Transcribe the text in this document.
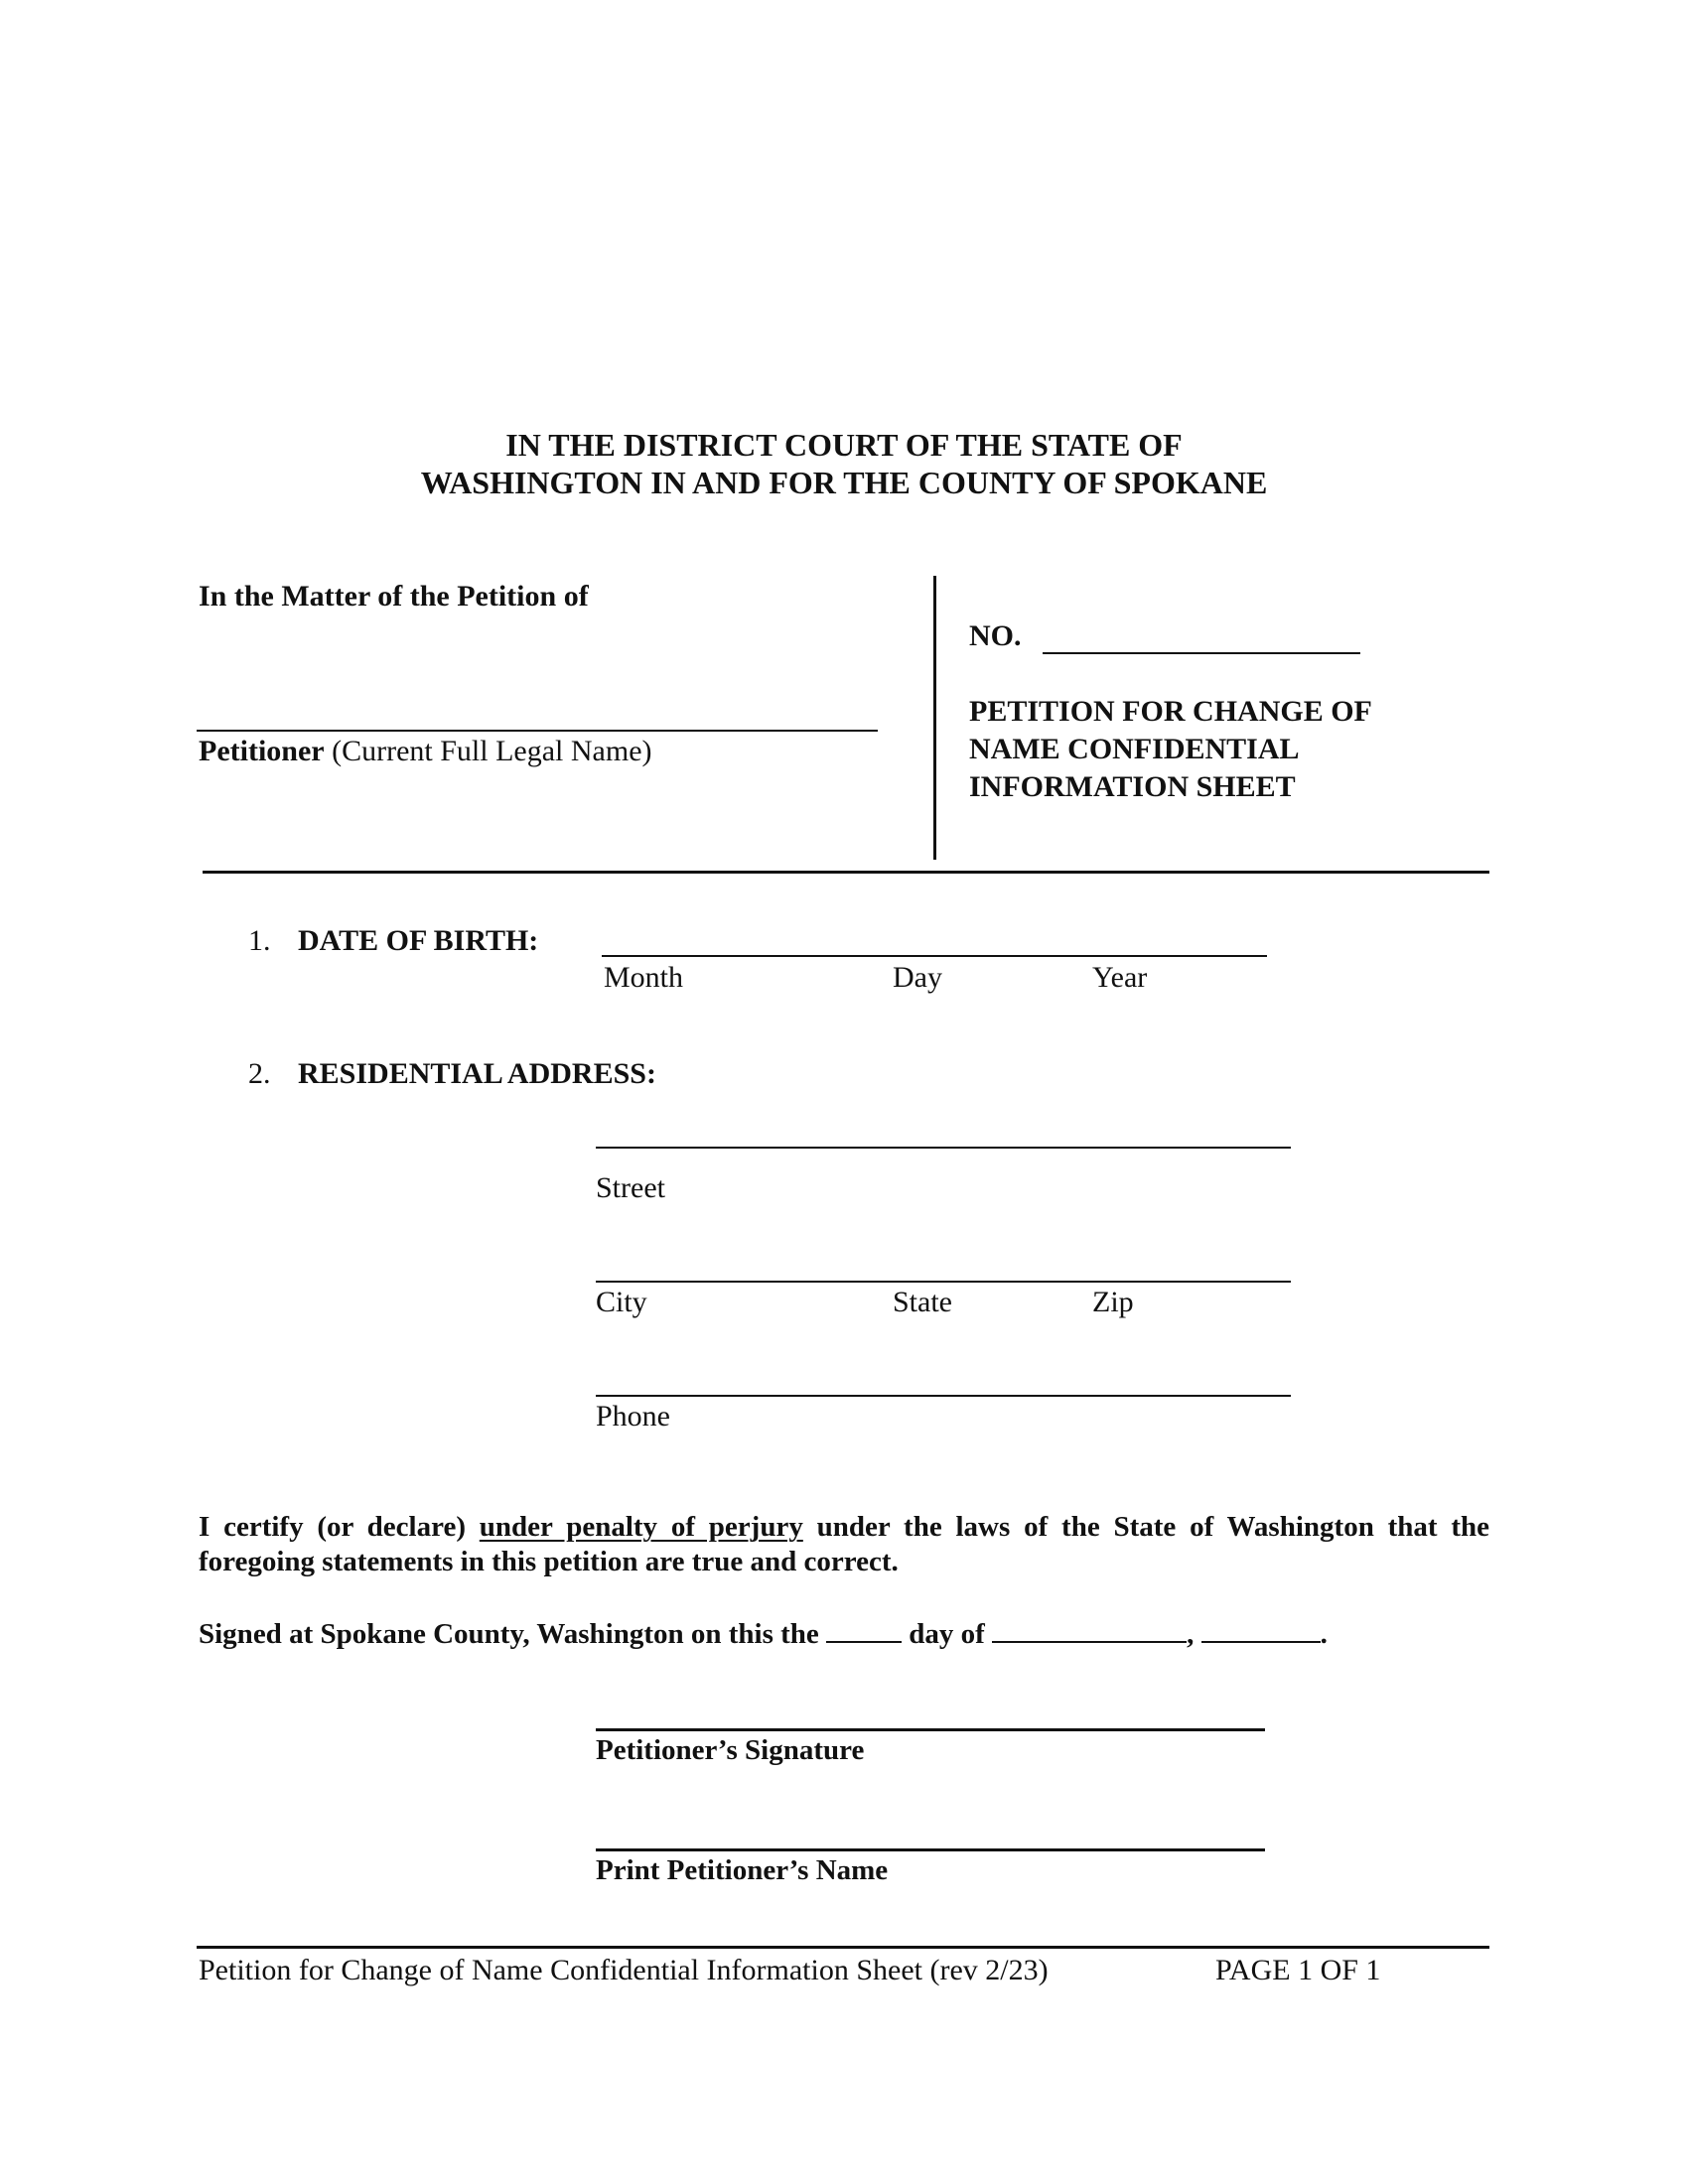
IN THE DISTRICT COURT OF THE STATE OF
WASHINGTON IN AND FOR THE COUNTY OF SPOKANE
In the Matter of the Petition of
Petitioner (Current Full Legal Name)
NO.
PETITION FOR CHANGE OF
NAME CONFIDENTIAL
INFORMATION SHEET
1. DATE OF BIRTH:
Month	Day	Year
2. RESIDENTIAL ADDRESS:
Street
City	State	Zip
Phone
I certify (or declare) under penalty of perjury under the laws of the State of Washington that the
foregoing statements in this petition are true and correct.
Signed at Spokane County, Washington on this the	day of	,	.
Petitioner’s Signature
Print Petitioner’s Name
Petition for Change of Name Confidential Information Sheet (rev 2/23)	PAGE 1 OF 1
